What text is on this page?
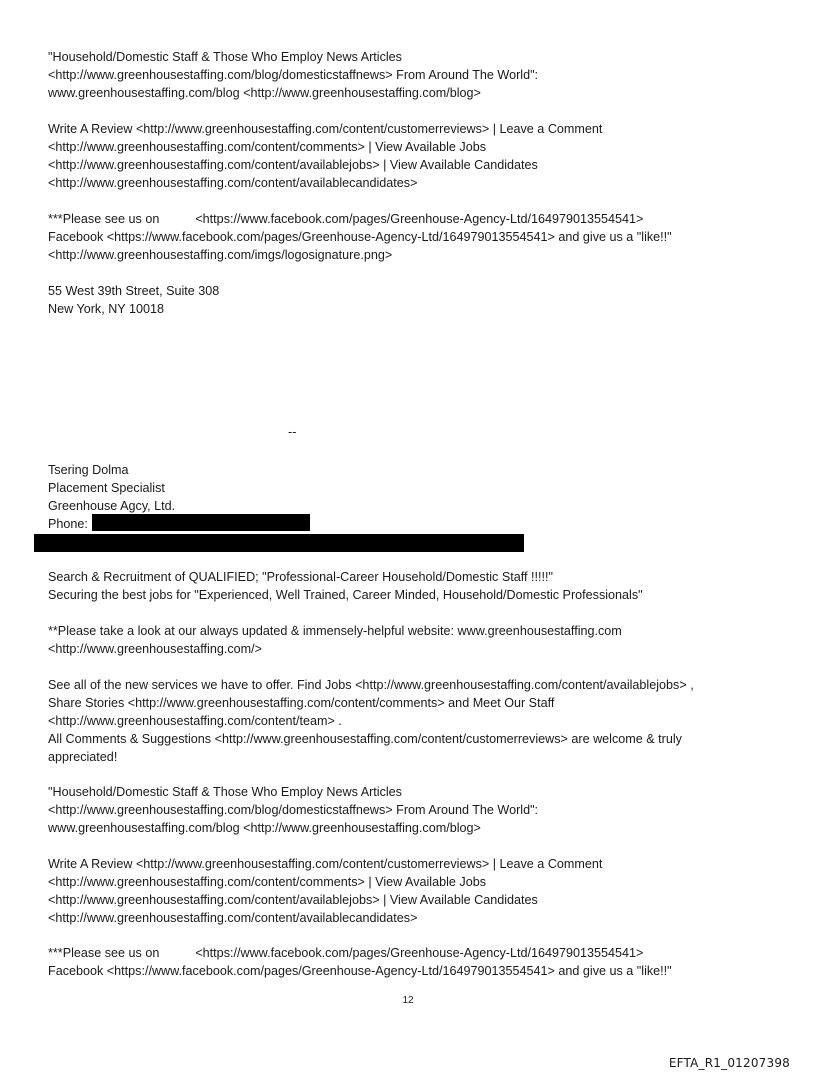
"Household/Domestic Staff & Those Who Employ News Articles
<http://www.greenhousestaffing.com/blog/domesticstaffnews> From Around The World":
www.greenhousestaffing.com/blog <http://www.greenhousestaffing.com/blog>
Write A Review <http://www.greenhousestaffing.com/content/customerreviews> | Leave a Comment
<http://www.greenhousestaffing.com/content/comments> | View Available Jobs
<http://www.greenhousestaffing.com/content/availablejobs> | View Available Candidates
<http://www.greenhousestaffing.com/content/availablecandidates>
***Please see us on	<https://www.facebook.com/pages/Greenhouse-Agency-Ltd/164979013554541>
Facebook <https://www.facebook.com/pages/Greenhouse-Agency-Ltd/164979013554541> and give us a "like!!"
<http://www.greenhousestaffing.com/imgs/logosignature.png>
55 West 39th Street, Suite 308
New York, NY 10018
--
Tsering Dolma
Placement Specialist
Greenhouse Agcy, Ltd.
Phone:
Search & Recruitment of QUALIFIED; "Professional-Career Household/Domestic Staff !!!!!"
Securing the best jobs for "Experienced, Well Trained, Career Minded, Household/Domestic Professionals"
**Please take a look at our always updated & immensely-helpful website: www.greenhousestaffing.com
<http://www.greenhousestaffing.com/>
See all of the new services we have to offer. Find Jobs <http://www.greenhousestaffing.com/content/availablejobs> ,
Share Stories <http://www.greenhousestaffing.com/content/comments> and Meet Our Staff
<http://www.greenhousestaffing.com/content/team> .
All Comments & Suggestions <http://www.greenhousestaffing.com/content/customerreviews> are welcome & truly
appreciated!
"Household/Domestic Staff & Those Who Employ News Articles
<http://www.greenhousestaffing.com/blog/domesticstaffnews> From Around The World":
www.greenhousestaffing.com/blog <http://www.greenhousestaffing.com/blog>
Write A Review <http://www.greenhousestaffing.com/content/customerreviews> | Leave a Comment
<http://www.greenhousestaffing.com/content/comments> | View Available Jobs
<http://www.greenhousestaffing.com/content/availablejobs> | View Available Candidates
<http://www.greenhousestaffing.com/content/availablecandidates>
***Please see us on	<https://www.facebook.com/pages/Greenhouse-Agency-Ltd/164979013554541>
Facebook <https://www.facebook.com/pages/Greenhouse-Agency-Ltd/164979013554541> and give us a "like!!"
12
EFTA_R1_01207398
